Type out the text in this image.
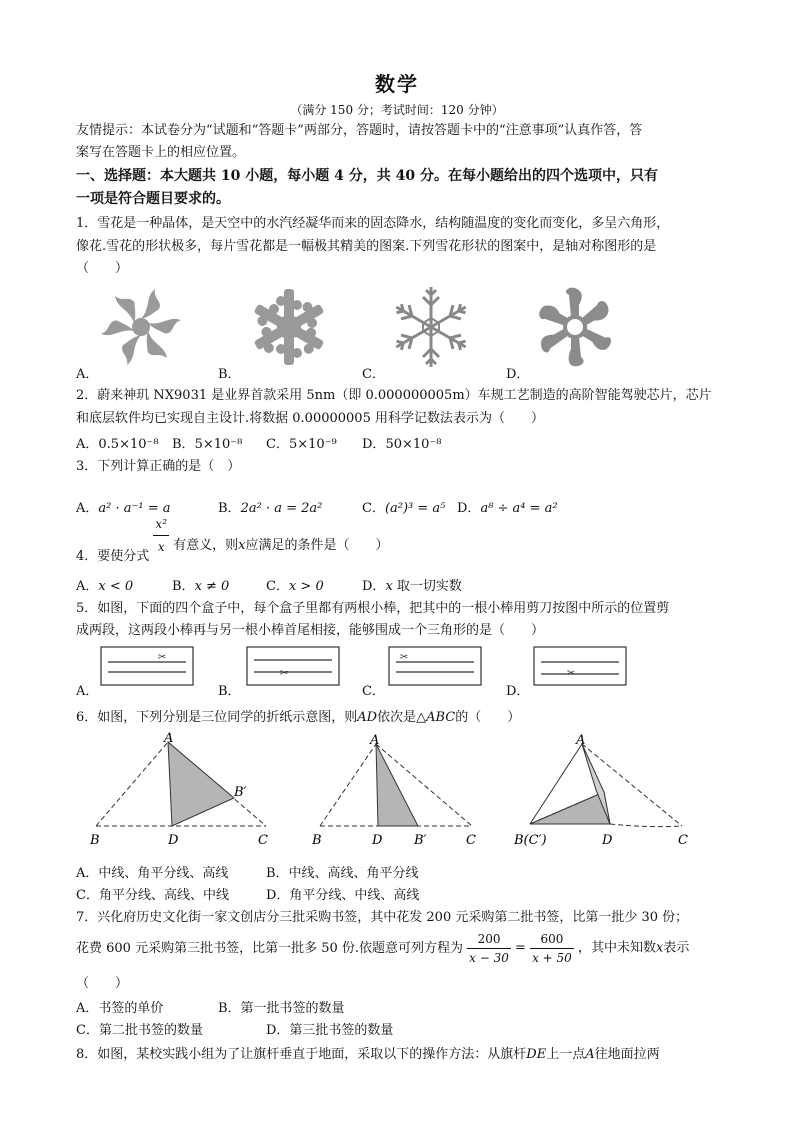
数学
（满分 150 分；考试时间：120 分钟）
友情提示：本试卷分为“试题和“答题卡”两部分，答题时，请按答题卡中的“注意事项”认真作答，答
案写在答题卡上的相应位置。
一、选择题：本大题共 10 小题，每小题 4 分，共 40 分。在每小题给出的四个选项中，只有
一项是符合题目要求的。
1．雪花是一种晶体，是天空中的水汽经凝华而来的固态降水，结构随温度的变化而变化，多呈六角形，
像花.雪花的形状极多，每片雪花都是一幅极其精美的图案.下列雪花形状的图案中，是轴对称图形的是
（　　）
A．	B．	C．	D．
2．蔚来神玑 NX9031 是业界首款采用 5nm（即 0.000000005m）车规工艺制造的高阶智能驾驶芯片，芯片
和底层软件均已实现自主设计.将数据 0.00000005 用科学记数法表示为（　　）
A．0.5×10⁻⁸ B．5×10⁻⁸ C．5×10⁻⁹ D．50×10⁻⁸
3．下列计算正确的是（　）
A．a² · a⁻¹ = a	B．2a² · a = 2a²	C．(a²)³ = a⁵ D．a⁸ ÷ a⁴ = a²
4．要使分式 $\frac{\text{x²}}{x}$ 有意义，则x应满足的条件是（　　）
A．x < 0	B．x ≠ 0	C．x > 0	D．x 取一切实数
5．如图，下面的四个盒子中，每个盒子里都有两根小棒，把其中的一根小棒用剪刀按图中所示的位置剪
成两段，这两段小棒再与另一根小棒首尾相接，能够围成一个三角形的是（　　）
✂
✂
✂
✂
A．	B．	C．	D．
6．如图，下列分别是三位同学的折纸示意图，则AD依次是△ABC的（　　）
A
B	D	C
B′
A
B	D B′	C
A
B(C′)	D	C
A．中线、角平分线、高线	B．中线、高线、角平分线
C．角平分线、高线、中线	D．角平分线、中线、高线
7．兴化府历史文化街一家文创店分三批采购书签，其中花发 200 元采购第二批书签，比第一批少 30 份；
花费 600 元采购第三批书签，比第一批多 50 份.依题意可列方程为 $\frac{200}{x - 30} = \frac{600}{x + 50}$ ，其中未知数x表示
（　　）
A．书签的单价	B．第一批书签的数量
C．第二批书签的数量	D．第三批书签的数量
8．如图，某校实践小组为了让旗杆垂直于地面，采取以下的操作方法：从旗杆DE上一点A往地面拉两
